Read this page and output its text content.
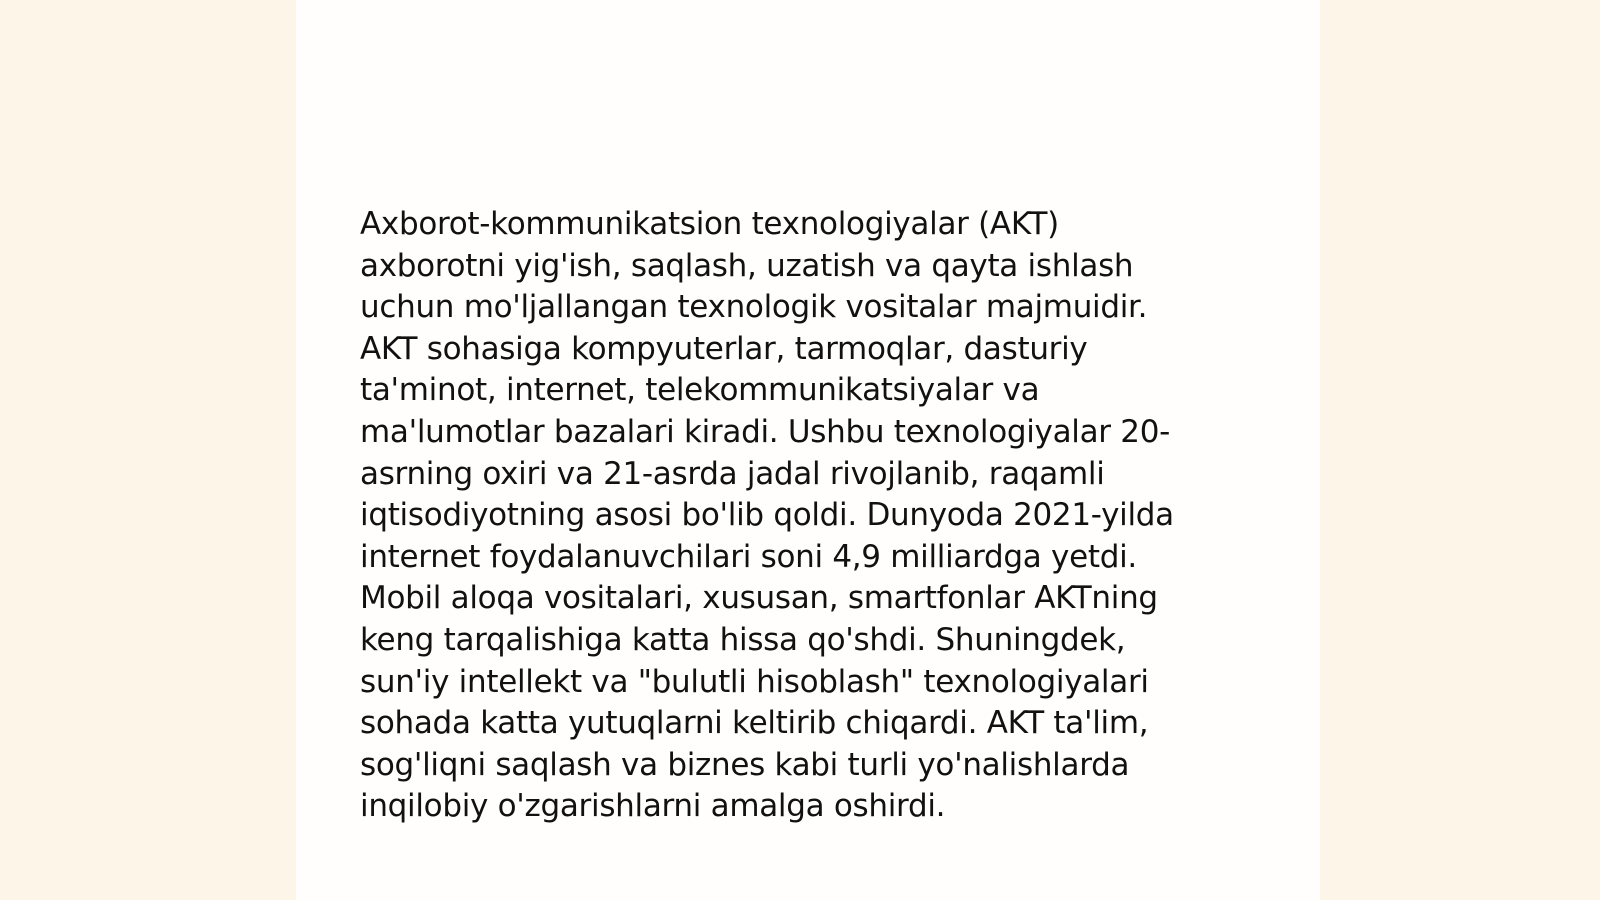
Axborot-kommunikatsion texnologiyalar (AKT)
axborotni yig'ish, saqlash, uzatish va qayta ishlash
uchun mo'ljallangan texnologik vositalar majmuidir.
AKT sohasiga kompyuterlar, tarmoqlar, dasturiy
ta'minot, internet, telekommunikatsiyalar va
ma'lumotlar bazalari kiradi. Ushbu texnologiyalar 20-
asrning oxiri va 21-asrda jadal rivojlanib, raqamli
iqtisodiyotning asosi bo'lib qoldi. Dunyoda 2021-yilda
internet foydalanuvchilari soni 4,9 milliardga yetdi.
Mobil aloqa vositalari, xususan, smartfonlar AKTning
keng tarqalishiga katta hissa qo'shdi. Shuningdek,
sun'iy intellekt va "bulutli hisoblash" texnologiyalari
sohada katta yutuqlarni keltirib chiqardi. AKT ta'lim,
sog'liqni saqlash va biznes kabi turli yo'nalishlarda
inqilobiy o'zgarishlarni amalga oshirdi.
